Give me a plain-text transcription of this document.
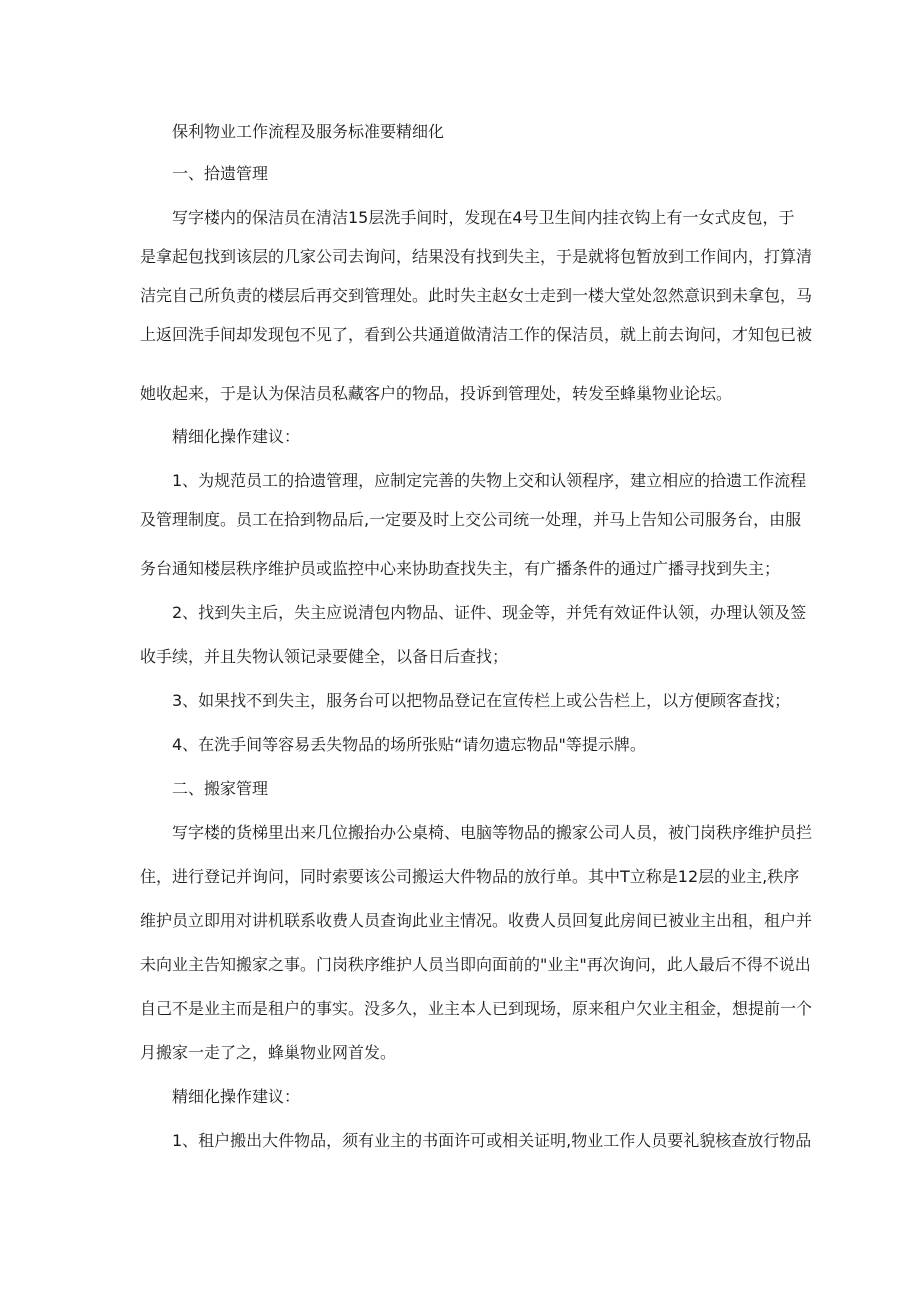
保利物业工作流程及服务标准要精细化
一、拾遗管理
写字楼内的保洁员在清洁15层洗手间时，发现在4号卫生间内挂衣钩上有一女式皮包，于
是拿起包找到该层的几家公司去询问，结果没有找到失主，于是就将包暂放到工作间内，打算清
洁完自己所负责的楼层后再交到管理处。此时失主赵女士走到一楼大堂处忽然意识到未拿包，马
上返回洗手间却发现包不见了，看到公共通道做清洁工作的保洁员，就上前去询问，才知包已被
她收起来，于是认为保洁员私藏客户的物品，投诉到管理处，转发至蜂巢物业论坛。
精细化操作建议：
1、为规范员工的拾遗管理，应制定完善的失物上交和认领程序，建立相应的拾遗工作流程
及管理制度。员工在拾到物品后,一定要及时上交公司统一处理，并马上告知公司服务台，由服
务台通知楼层秩序维护员或监控中心来协助查找失主，有广播条件的通过广播寻找到失主；
2、找到失主后，失主应说清包内物品、证件、现金等，并凭有效证件认领，办理认领及签
收手续，并且失物认领记录要健全，以备日后查找；
3、如果找不到失主，服务台可以把物品登记在宣传栏上或公告栏上，以方便顾客查找；
4、在洗手间等容易丢失物品的场所张贴“请勿遗忘物品"等提示牌。
二、搬家管理
写字楼的货梯里出来几位搬抬办公桌椅、电脑等物品的搬家公司人员，被门岗秩序维护员拦
住，进行登记并询问，同时索要该公司搬运大件物品的放行单。其中T立称是12层的业主,秩序
维护员立即用对讲机联系收费人员查询此业主情况。收费人员回复此房间已被业主出租，租户并
未向业主告知搬家之事。门岗秩序维护人员当即向面前的"业主"再次询问，此人最后不得不说出
自己不是业主而是租户的事实。没多久，业主本人已到现场，原来租户欠业主租金，想提前一个
月搬家一走了之，蜂巢物业网首发。
精细化操作建议：
1、租户搬出大件物品，须有业主的书面许可或相关证明,物业工作人员要礼貌核查放行物品
